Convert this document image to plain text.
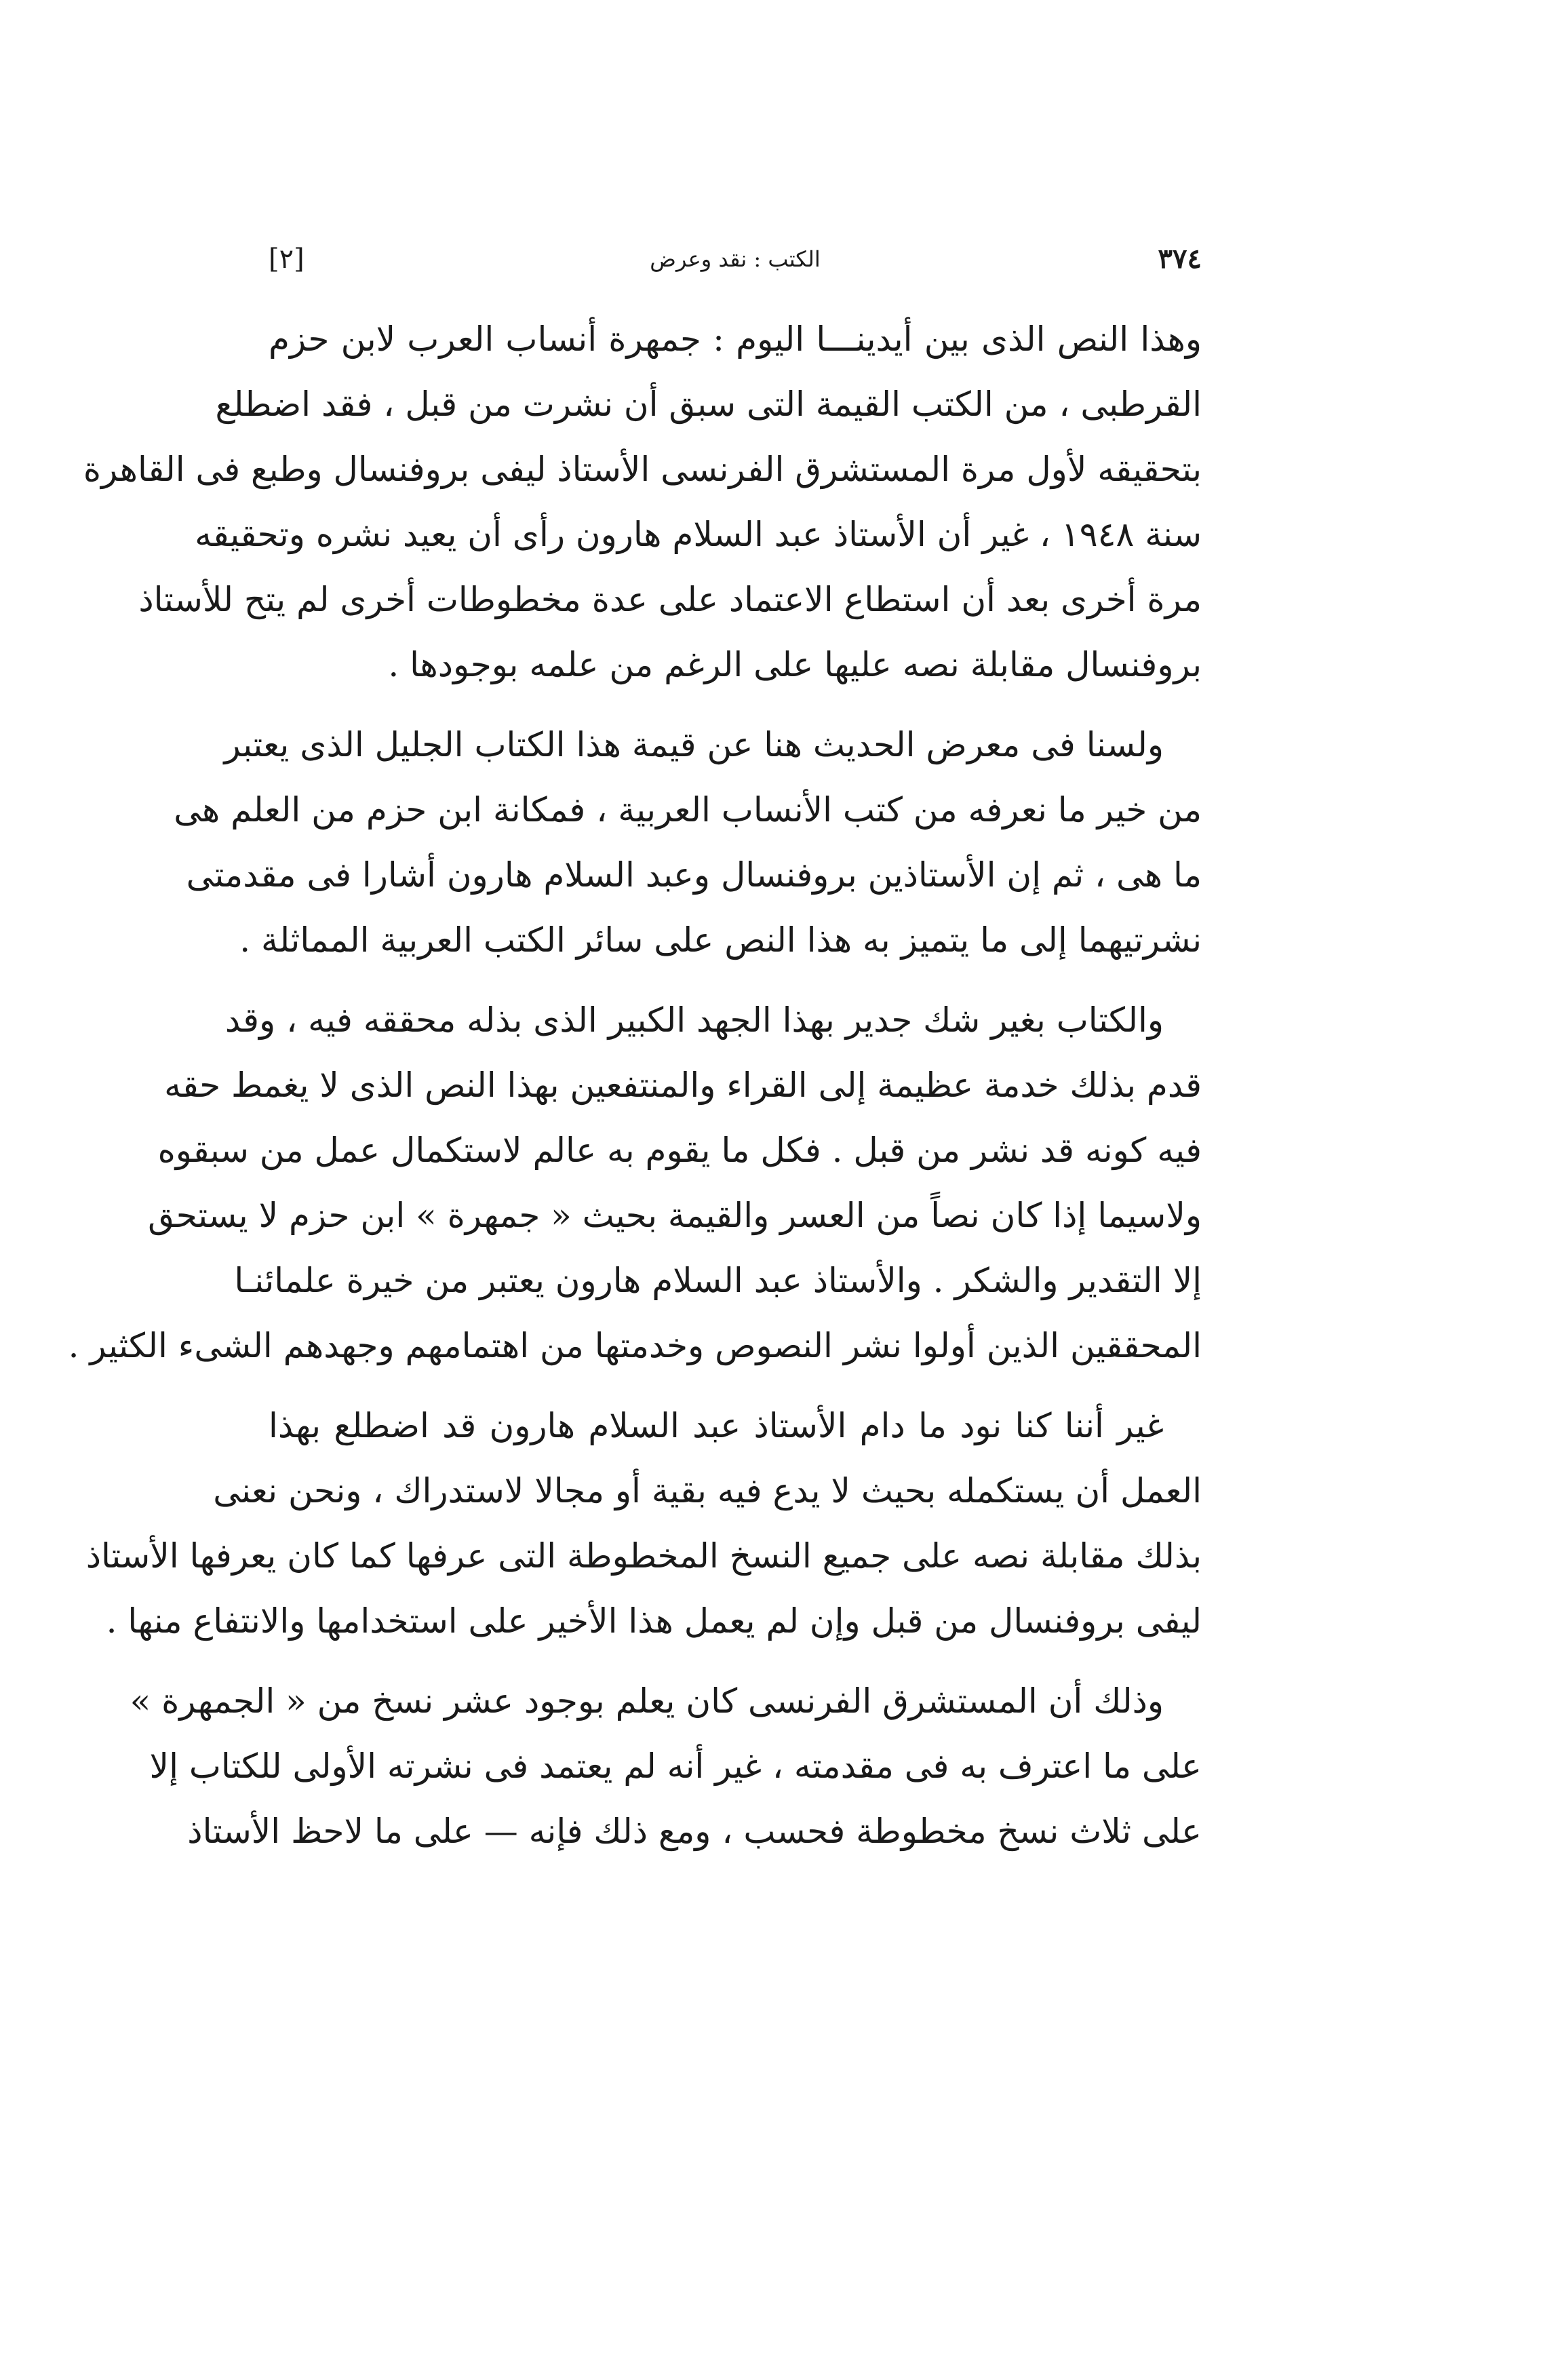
٣٧٤
الكتب : نقد وعرض
[٢]
وهذا النص الذى بين أيدينـــا اليوم : جمهرة أنساب العرب لابن حزم
القرطبى ، من الكتب القيمة التى سبق أن نشرت من قبل ، فقد اضطلع
بتحقيقه لأول مرة المستشرق الفرنسى الأستاذ ليفى بروفنسال وطبع فى القاهرة
سنة ١٩٤٨ ، غير أن الأستاذ عبد السلام هارون رأى أن يعيد نشره وتحقيقه
مرة أخرى بعد أن استطاع الاعتماد على عدة مخطوطات أخرى لم يتح للأستاذ
بروفنسال مقابلة نصه عليها على الرغم من علمه بوجودها .
ولسنا فى معرض الحديث هنا عن قيمة هذا الكتاب الجليل الذى يعتبر
من خير ما نعرفه من كتب الأنساب العربية ، فمكانة ابن حزم من العلم هى
ما هى ، ثم إن الأستاذين بروفنسال وعبد السلام هارون أشارا فى مقدمتى
نشرتيهما إلى ما يتميز به هذا النص على سائر الكتب العربية المماثلة .
والكتاب بغير شك جدير بهذا الجهد الكبير الذى بذله محققه فيه ، وقد
قدم بذلك خدمة عظيمة إلى القراء والمنتفعين بهذا النص الذى لا يغمط حقه
فيه كونه قد نشر من قبل . فكل ما يقوم به عالم لاستكمال عمل من سبقوه
ولاسيما إذا كان نصاً من العسر والقيمة بحيث « جمهرة » ابن حزم لا يستحق
إلا التقدير والشكر . والأستاذ عبد السلام هارون يعتبر من خيرة علمائنـا
المحققين الذين أولوا نشر النصوص وخدمتها من اهتمامهم وجهدهم الشىء الكثير .
غير أننا كنا نود ما دام الأستاذ عبد السلام هارون قد اضطلع بهذا
العمل أن يستكمله بحيث لا يدع فيه بقية أو مجالا لاستدراك ، ونحن نعنى
بذلك مقابلة نصه على جميع النسخ المخطوطة التى عرفها كما كان يعرفها الأستاذ
ليفى بروفنسال من قبل وإن لم يعمل هذا الأخير على استخدامها والانتفاع منها .
وذلك أن المستشرق الفرنسى كان يعلم بوجود عشر نسخ من « الجمهرة »
على ما اعترف به فى مقدمته ، غير أنه لم يعتمد فى نشرته الأولى للكتاب إلا
على ثلاث نسخ مخطوطة فحسب ، ومع ذلك فإنه — على ما لاحظ الأستاذ
